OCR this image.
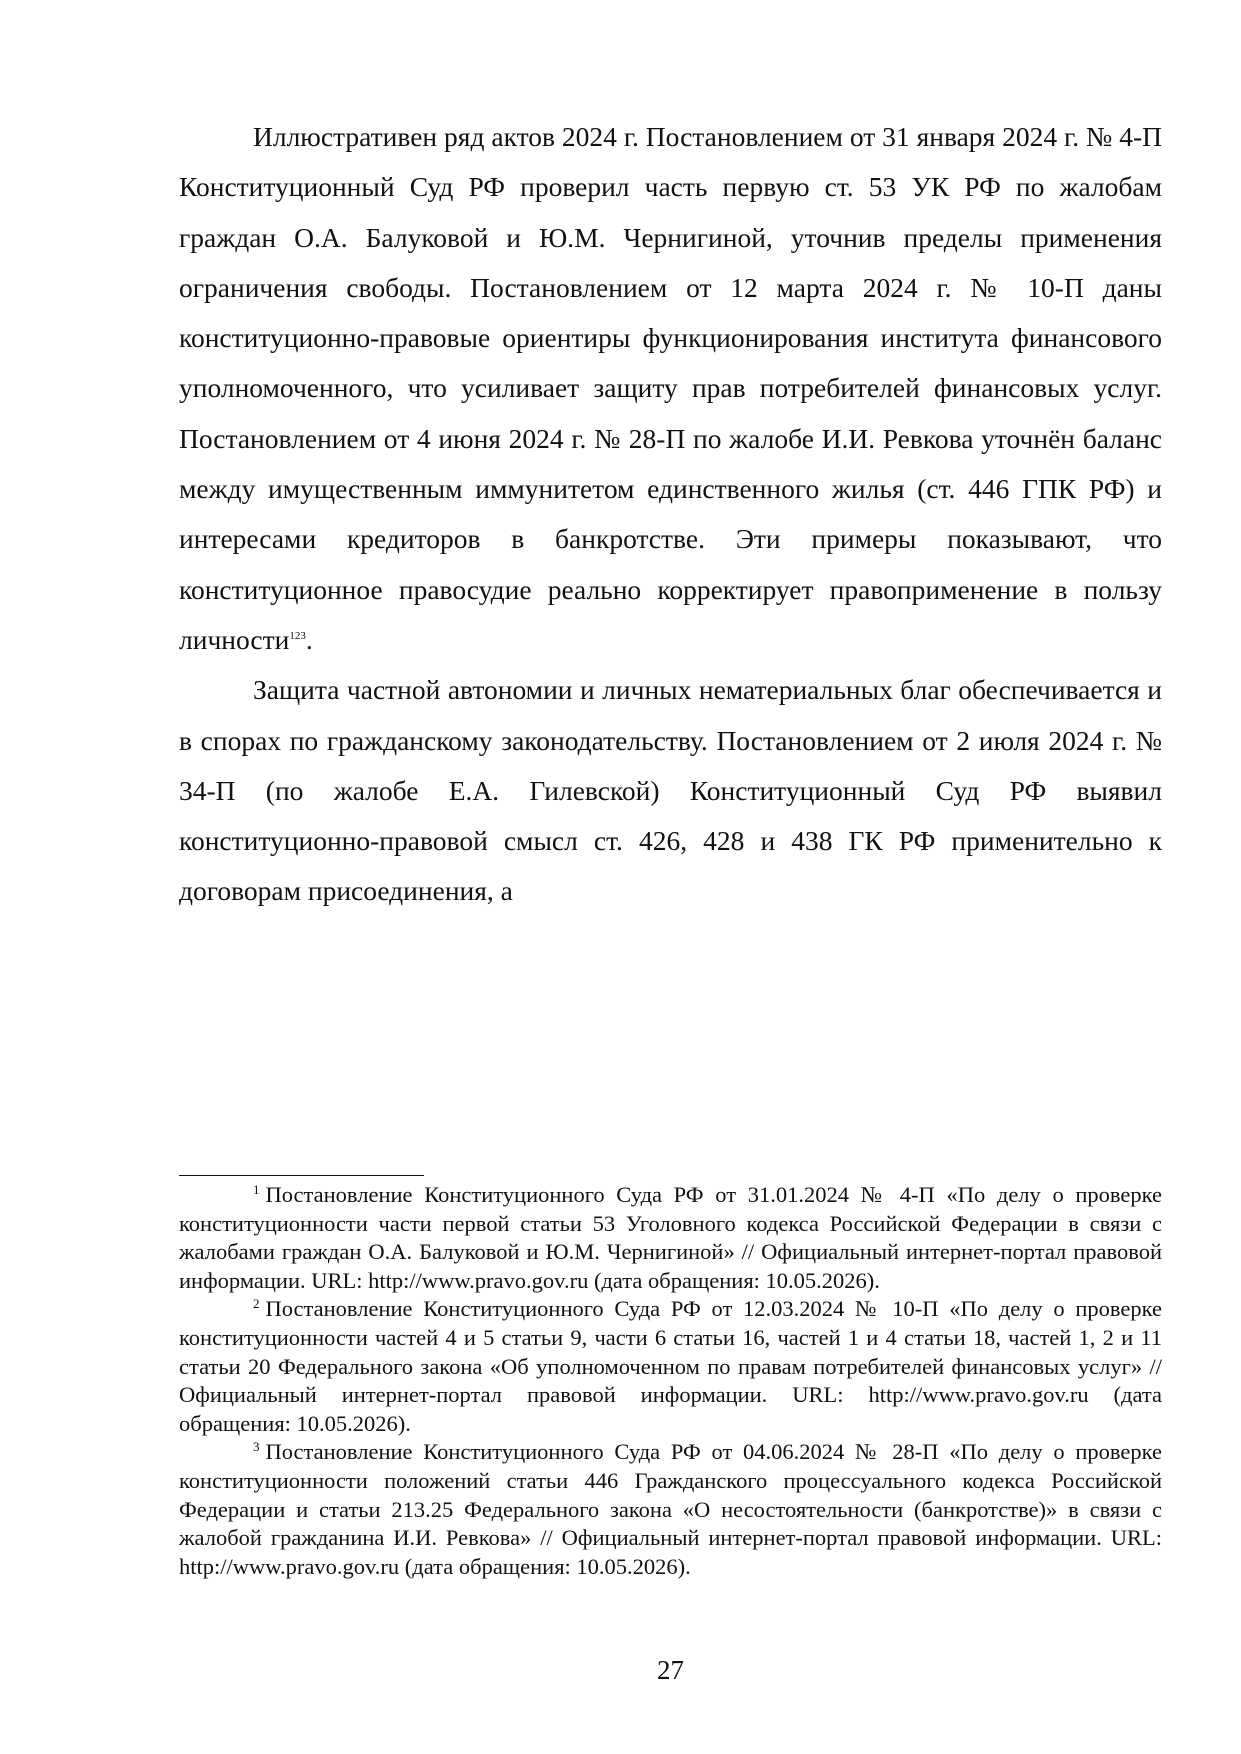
Иллюстративен ряд актов 2024 г. Постановлением от 31 января 2024 г. № 4-П Конституционный Суд РФ проверил часть первую ст. 53 УК РФ по жалобам граждан О.А. Балуковой и Ю.М. Чернигиной, уточнив пределы применения ограничения свободы. Постановлением от 12 марта 2024 г. № 10-П даны конституционно-правовые ориентиры функционирования института финансового уполномоченного, что усиливает защиту прав потребителей финансовых услуг. Постановлением от 4 июня 2024 г. № 28-П по жалобе И.И. Ревкова уточнён баланс между имущественным иммунитетом единственного жилья (ст. 446 ГПК РФ) и интересами кредиторов в банкротстве. Эти примеры показывают, что конституционное правосудие реально корректирует правоприменение в пользу личности$^{123}$.

Защита частной автономии и личных нематериальных благ обеспечивается и в спорах по гражданскому законодательству. Постановлением от 2 июля 2024 г. № 34-П (по жалобе Е.А. Гилевской) Конституционный Суд РФ выявил конституционно-правовой смысл ст. 426, 428 и 438 ГК РФ применительно к договорам присоединения, а

$^1$ Постановление Конституционного Суда РФ от 31.01.2024 № 4-П «По делу о проверке конституционности части первой статьи 53 Уголовного кодекса Российской Федерации в связи с жалобами граждан О.А. Балуковой и Ю.М. Чернигиной» // Официальный интернет-портал правовой информации. URL: http://www.pravo.gov.ru (дата обращения: 10.05.2026).

$^2$ Постановление Конституционного Суда РФ от 12.03.2024 № 10-П «По делу о проверке конституционности частей 4 и 5 статьи 9, части 6 статьи 16, частей 1 и 4 статьи 18, частей 1, 2 и 11 статьи 20 Федерального закона «Об уполномоченном по правам потребителей финансовых услуг» // Официальный интернет-портал правовой информации. URL: http://www.pravo.gov.ru (дата обращения: 10.05.2026).

$^3$ Постановление Конституционного Суда РФ от 04.06.2024 № 28-П «По делу о проверке конституционности положений статьи 446 Гражданского процессуального кодекса Российской Федерации и статьи 213.25 Федерального закона «О несостоятельности (банкротстве)» в связи с жалобой гражданина И.И. Ревкова» // Официальный интернет-портал правовой информации. URL: http://www.pravo.gov.ru (дата обращения: 10.05.2026).

27
